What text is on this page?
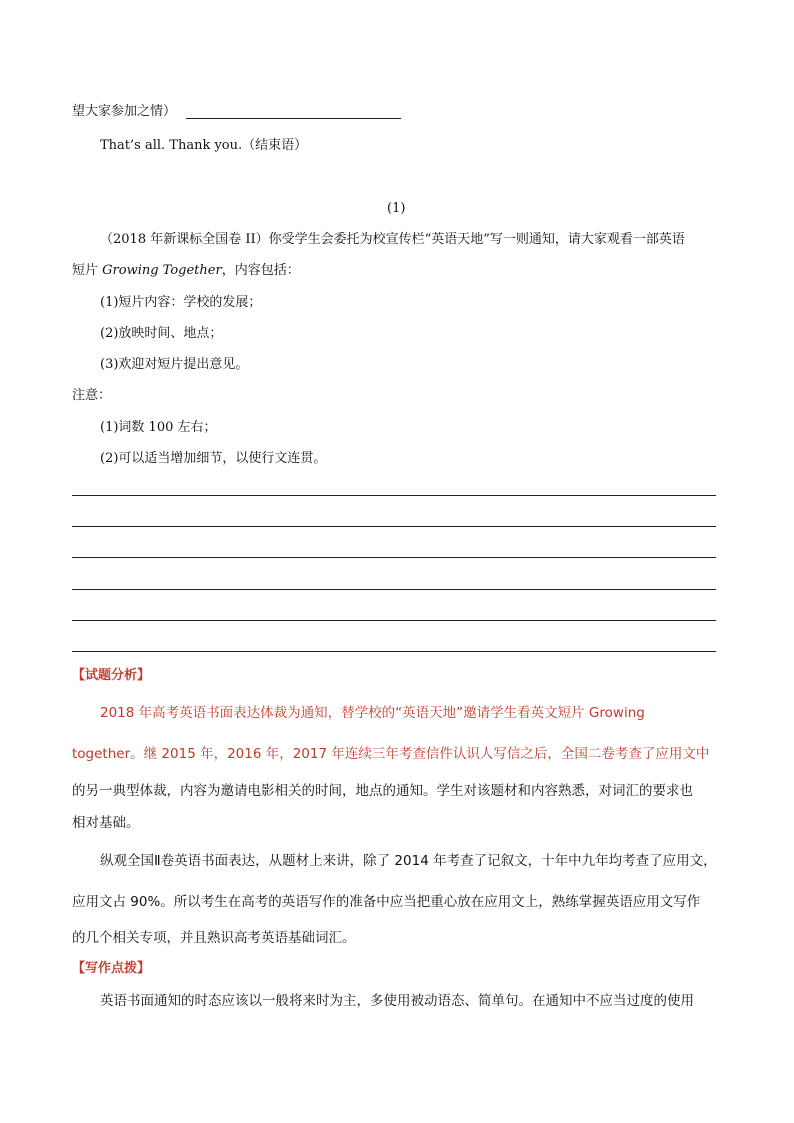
望大家参加之情）
That’s all. Thank you.（结束语）
(1)
（2018 年新课标全国卷 II）你受学生会委托为校宣传栏“英语天地”写一则通知，请大家观看一部英语
短片 Growing Together，内容包括：
(1)短片内容：学校的发展；
(2)放映时间、地点；
(3)欢迎对短片提出意见。
注意：
(1)词数 100 左右；
(2)可以适当增加细节，以使行文连贯。
【试题分析】
2018 年高考英语书面表达体裁为通知，替学校的“英语天地”邀请学生看英文短片 Growing
together。继 2015 年，2016 年，2017 年连续三年考查信件认识人写信之后，全国二卷考查了应用文中
的另一典型体裁，内容为邀请电影相关的时间，地点的通知。学生对该题材和内容熟悉，对词汇的要求也
相对基础。
纵观全国Ⅱ卷英语书面表达，从题材上来讲，除了 2014 年考查了记叙文，十年中九年均考查了应用文，
应用文占 90%。所以考生在高考的英语写作的准备中应当把重心放在应用文上，熟练掌握英语应用文写作
的几个相关专项，并且熟识高考英语基础词汇。
【写作点拨】
英语书面通知的时态应该以一般将来时为主，多使用被动语态、简单句。在通知中不应当过度的使用
